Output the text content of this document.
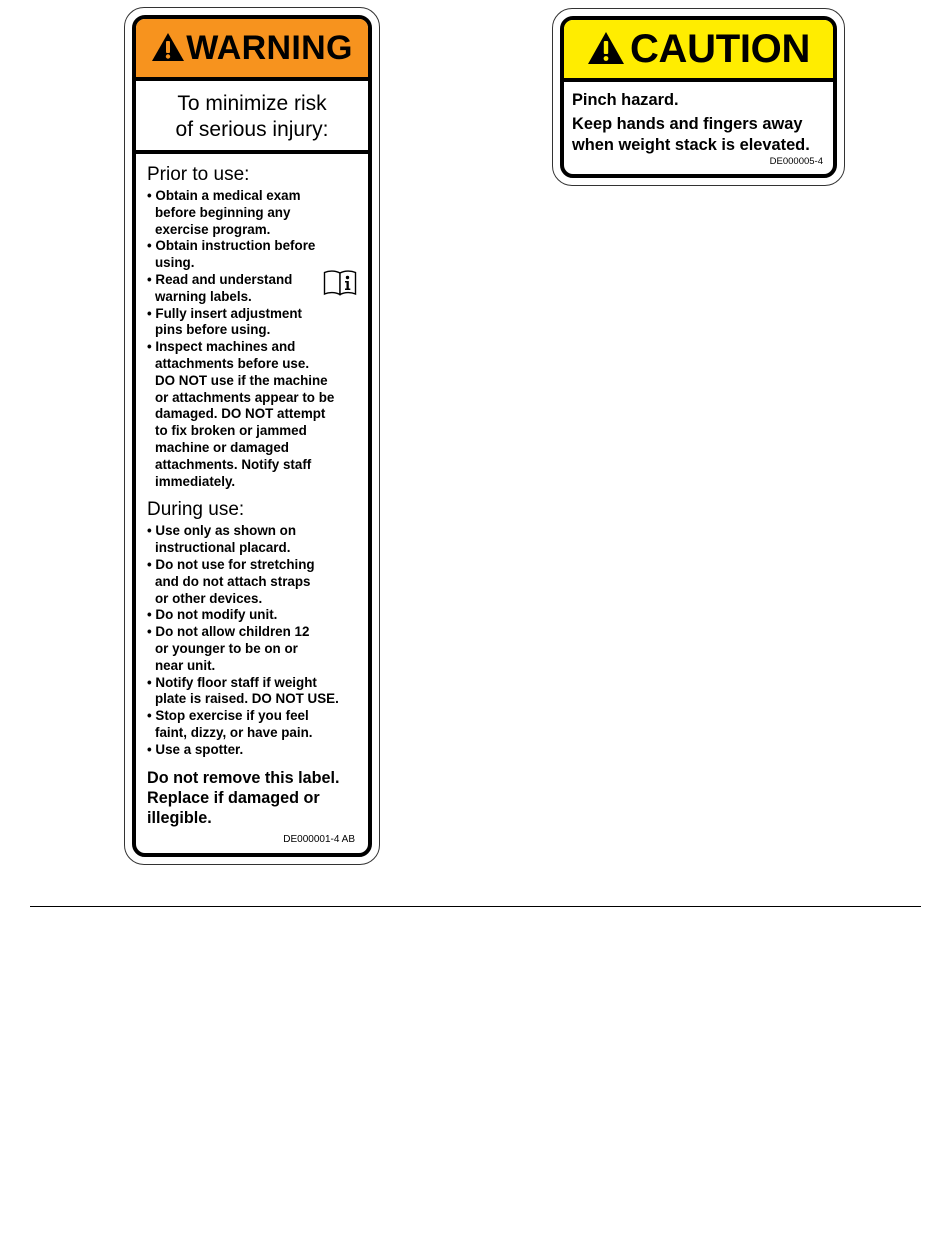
WARNING
To minimize risk
of serious injury:
Prior to use:
• Obtain a medical exam
before beginning any
exercise program.
• Obtain instruction before
using.
• Read and understand
warning labels.
• Fully insert adjustment
pins before using.
• Inspect machines and
attachments before use.
DO NOT use if the machine
or attachments appear to be
damaged. DO NOT attempt
to fix broken or jammed
machine or damaged
attachments. Notify staff
immediately.
During use:
• Use only as shown on
instructional placard.
• Do not use for stretching
and do not attach straps
or other devices.
• Do not modify unit.
• Do not allow children 12
or younger to be on or
near unit.
• Notify floor staff if weight
plate is raised. DO NOT USE.
• Stop exercise if you feel
faint, dizzy, or have pain.
• Use a spotter.
Do not remove this label.
Replace if damaged or
illegible.
DE000001-4 AB
CAUTION
Pinch hazard.
Keep hands and fingers away
when weight stack is elevated.
DE000005-4
